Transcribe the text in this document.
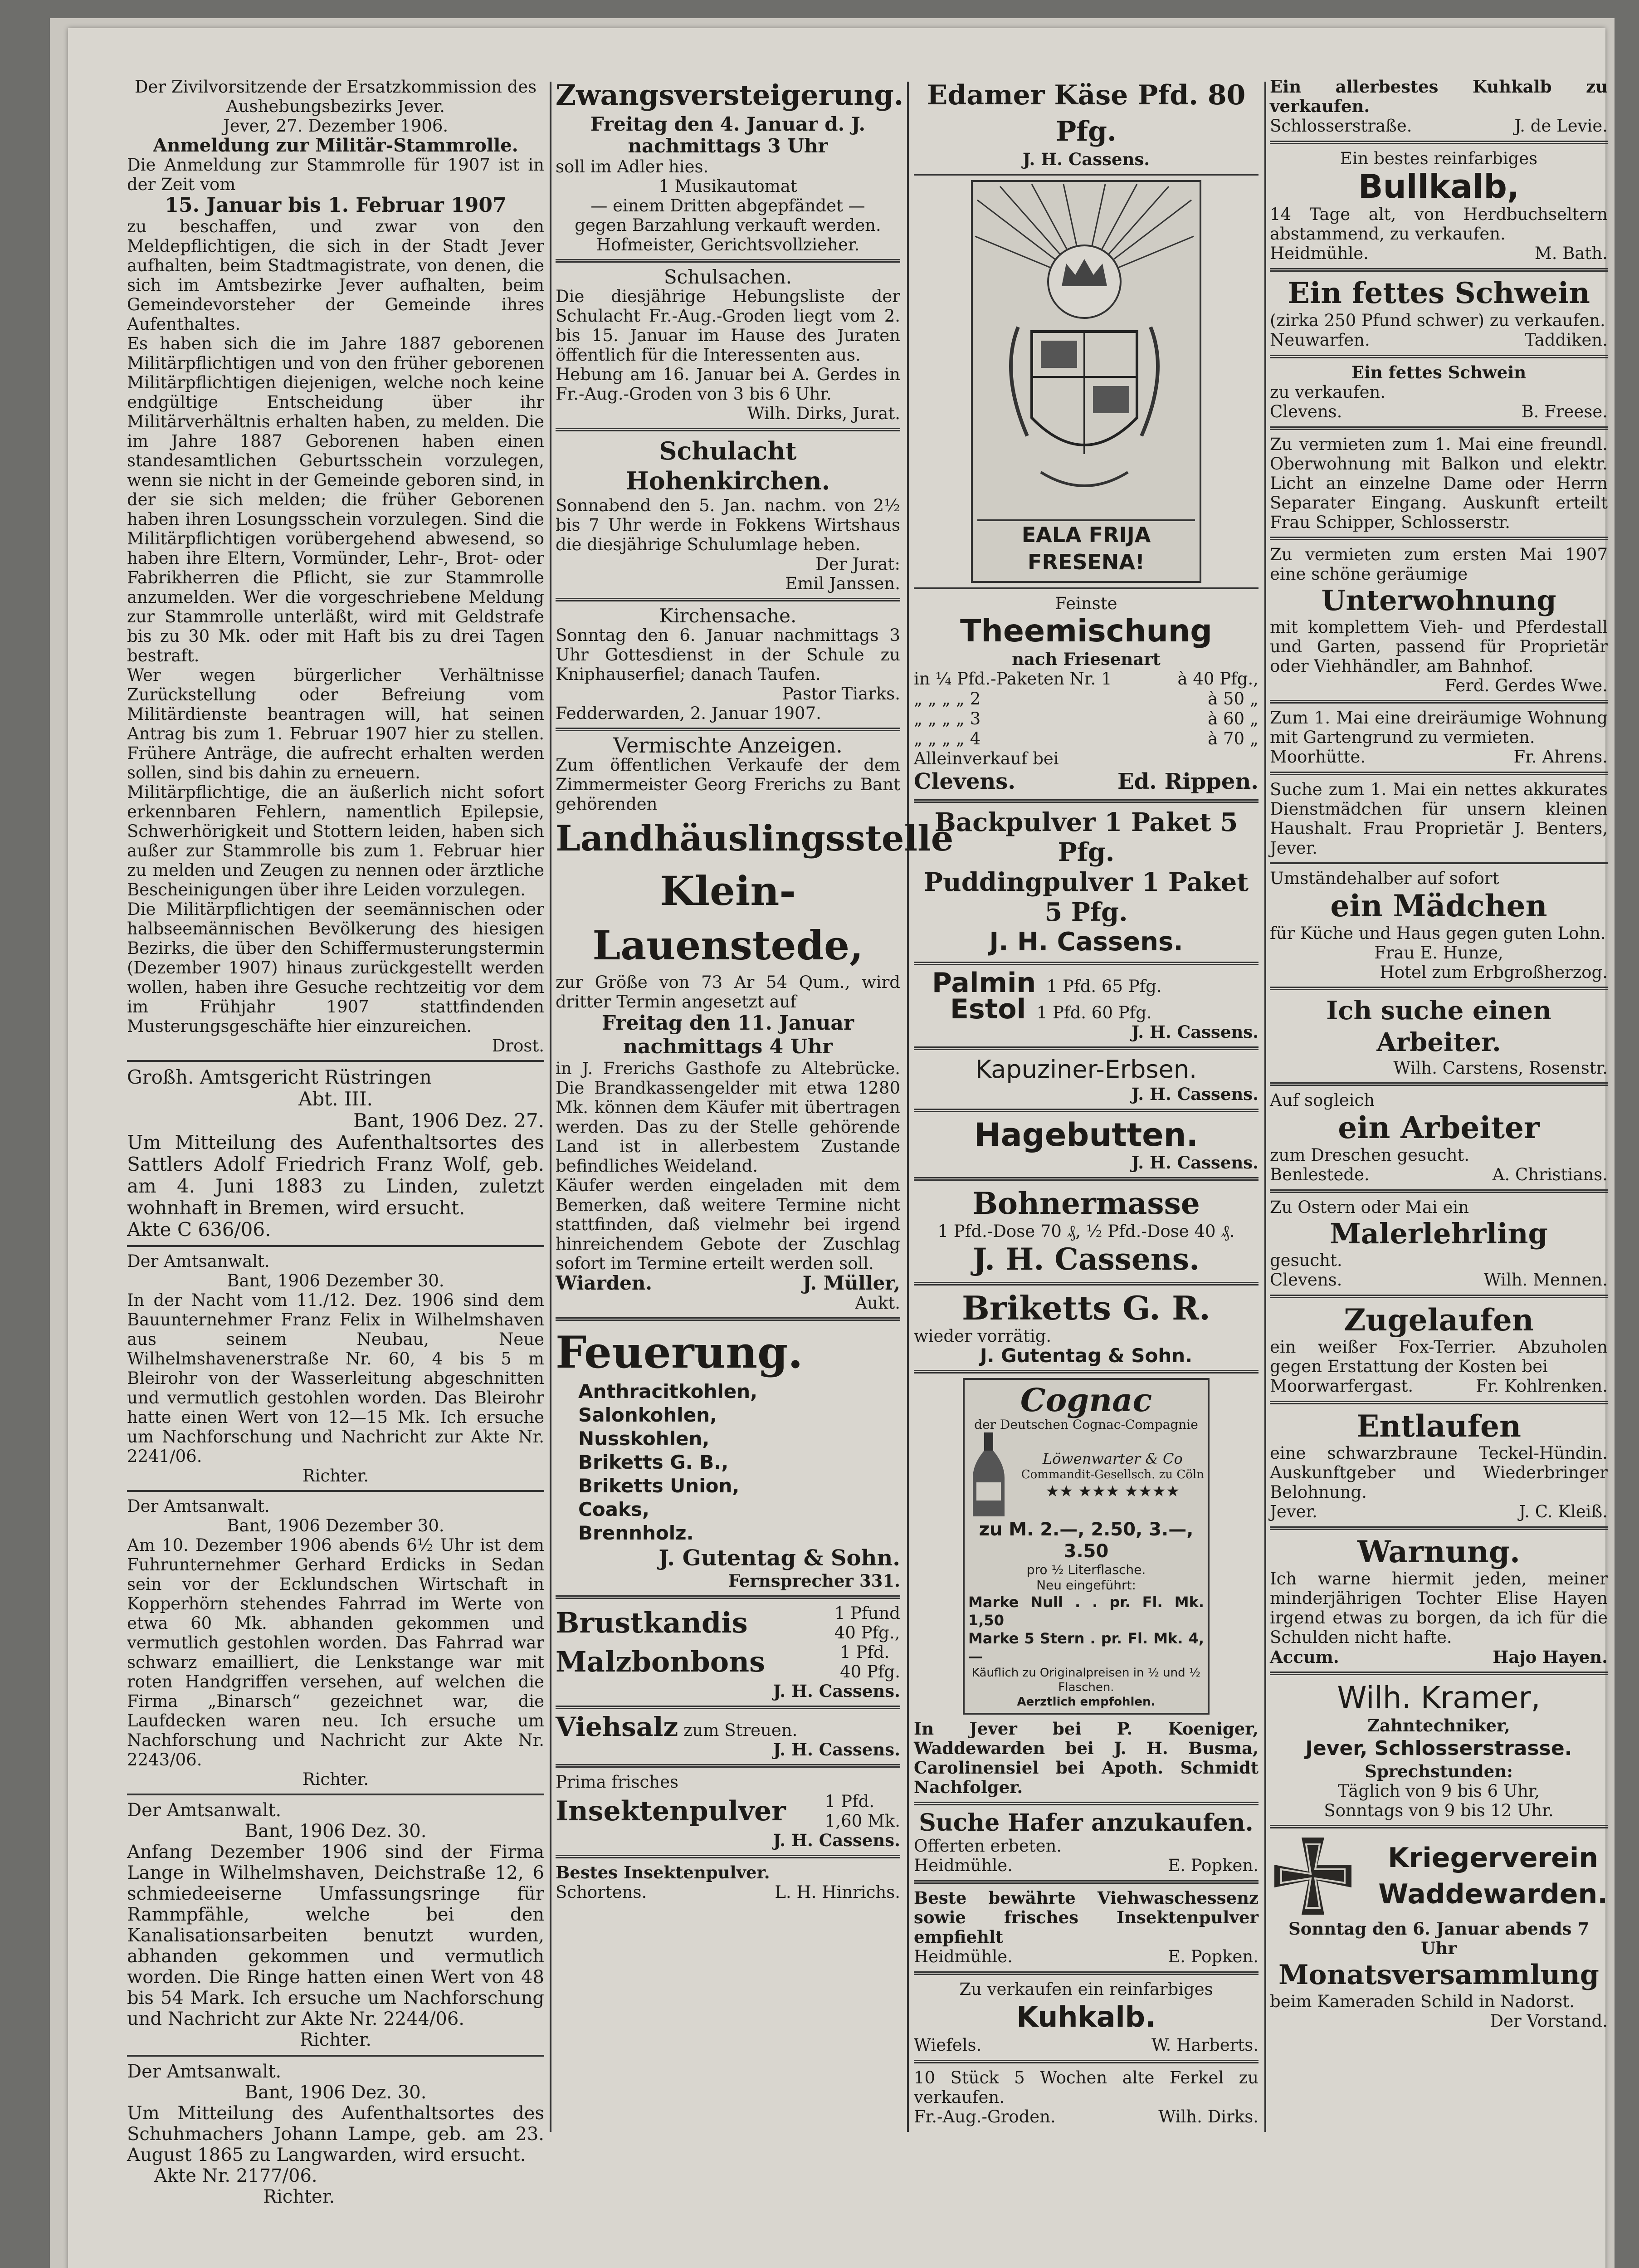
Der Zivilvorsitzende der Ersatzkommission des Aushebungsbezirks Jever.

Jever, 27. Dezember 1906.

Anmeldung zur Militär-Stammrolle.

Die Anmeldung zur Stammrolle für 1907 ist in der Zeit vom

15. Januar bis 1. Februar 1907

zu beschaffen, und zwar von den Meldepflichtigen, die sich in der Stadt Jever aufhalten, beim Stadtmagistrate, von denen, die sich im Amtsbezirke Jever aufhalten, beim Gemeindevorsteher der Gemeinde ihres Aufenthaltes.

Es haben sich die im Jahre 1887 geborenen Militärpflichtigen und von den früher geborenen Militärpflichtigen diejenigen, welche noch keine endgültige Entscheidung über ihr Militärverhältnis erhalten haben, zu melden. Die im Jahre 1887 Geborenen haben einen standesamtlichen Geburtsschein vorzulegen, wenn sie nicht in der Gemeinde geboren sind, in der sie sich melden; die früher Geborenen haben ihren Losungsschein vorzulegen. Sind die Militärpflichtigen vorübergehend abwesend, so haben ihre Eltern, Vormünder, Lehr-, Brot- oder Fabrikherren die Pflicht, sie zur Stammrolle anzumelden. Wer die vorgeschriebene Meldung zur Stammrolle unterläßt, wird mit Geldstrafe bis zu 30 Mk. oder mit Haft bis zu drei Tagen bestraft.

Wer wegen bürgerlicher Verhältnisse Zurückstellung oder Befreiung vom Militärdienste beantragen will, hat seinen Antrag bis zum 1. Februar 1907 hier zu stellen. Frühere Anträge, die aufrecht erhalten werden sollen, sind bis dahin zu erneuern.

Militärpflichtige, die an äußerlich nicht sofort erkennbaren Fehlern, namentlich Epilepsie, Schwerhörigkeit und Stottern leiden, haben sich außer zur Stammrolle bis zum 1. Februar hier zu melden und Zeugen zu nennen oder ärztliche Bescheinigungen über ihre Leiden vorzulegen.

Die Militärpflichtigen der seemännischen oder halbseemännischen Bevölkerung des hiesigen Bezirks, die über den Schiffermusterungstermin (Dezember 1907) hinaus zurückgestellt werden wollen, haben ihre Gesuche rechtzeitig vor dem im Frühjahr 1907 stattfindenden Musterungsgeschäfte hier einzureichen.

Drost.

Großh. Amtsgericht Rüstringen

Abt. III.

Bant, 1906 Dez. 27.

Um Mitteilung des Aufenthaltsortes des Sattlers Adolf Friedrich Franz Wolf, geb. am 4. Juni 1883 zu Linden, zuletzt wohnhaft in Bremen, wird ersucht.

Akte C 636/06.

Der Amtsanwalt.

Bant, 1906 Dezember 30.

In der Nacht vom 11./12. Dez. 1906 sind dem Bauunternehmer Franz Felix in Wilhelmshaven aus seinem Neubau, Neue Wilhelmshavenerstraße Nr. 60, 4 bis 5 m Bleirohr von der Wasserleitung abgeschnitten und vermutlich gestohlen worden. Das Bleirohr hatte einen Wert von 12—15 Mk. Ich ersuche um Nachforschung und Nachricht zur Akte Nr. 2241/06.

Richter.

Der Amtsanwalt.

Bant, 1906 Dezember 30.

Am 10. Dezember 1906 abends 6½ Uhr ist dem Fuhrunternehmer Gerhard Erdicks in Sedan sein vor der Ecklundschen Wirtschaft in Kopperhörn stehendes Fahrrad im Werte von etwa 60 Mk. abhanden gekommen und vermutlich gestohlen worden. Das Fahrrad war schwarz emailliert, die Lenkstange war mit roten Handgriffen versehen, auf welchen die Firma „Binarsch“ gezeichnet war, die Laufdecken waren neu. Ich ersuche um Nachforschung und Nachricht zur Akte Nr. 2243/06.

Richter.

Der Amtsanwalt.

Bant, 1906 Dez. 30.

Anfang Dezember 1906 sind der Firma Lange in Wilhelmshaven, Deichstraße 12, 6 schmiedeeiserne Umfassungsringe für Rammpfähle, welche bei den Kanalisationsarbeiten benutzt wurden, abhanden gekommen und vermutlich worden. Die Ringe hatten einen Wert von 48 bis 54 Mark. Ich ersuche um Nachforschung und Nachricht zur Akte Nr. 2244/06.

Richter.

Der Amtsanwalt.

Bant, 1906 Dez. 30.

Um Mitteilung des Aufenthaltsortes des Schuhmachers Johann Lampe, geb. am 23. August 1865 zu Langwarden, wird ersucht.

Akte Nr. 2177/06.

Richter.

Zwangsversteigerung.

Freitag den 4. Januar d. J. nachmittags 3 Uhr

soll im Adler hies.

1 Musikautomat

— einem Dritten abgepfändet —

gegen Barzahlung verkauft werden.

Hofmeister, Gerichtsvollzieher.

Schulsachen.

Die diesjährige Hebungsliste der Schulacht Fr.-Aug.-Groden liegt vom 2. bis 15. Januar im Hause des Juraten öffentlich für die Interessenten aus.

Hebung am 16. Januar bei A. Gerdes in Fr.-Aug.-Groden von 3 bis 6 Uhr.

Wilh. Dirks, Jurat.

Schulacht Hohenkirchen.

Sonnabend den 5. Jan. nachm. von 2½ bis 7 Uhr werde in Fokkens Wirtshaus die diesjährige Schulumlage heben.

Der Jurat:

Emil Janssen.

Kirchensache.

Sonntag den 6. Januar nachmittags 3 Uhr Gottesdienst in der Schule zu Kniphauserfiel; danach Taufen.

Pastor Tiarks.

Fedderwarden, 2. Januar 1907.

Vermischte Anzeigen.

Zum öffentlichen Verkaufe der dem Zimmermeister Georg Frerichs zu Bant gehörenden

Landhäuslingsstelle

Klein-Lauenstede,

zur Größe von 73 Ar 54 Qum., wird dritter Termin angesetzt auf

Freitag den 11. Januar nachmittags 4 Uhr

in J. Frerichs Gasthofe zu Altebrücke. Die Brandkassengelder mit etwa 1280 Mk. können dem Käufer mit übertragen werden. Das zu der Stelle gehörende Land ist in allerbestem Zustande befindliches Weideland.

Käufer werden eingeladen mit dem Bemerken, daß weitere Termine nicht stattfinden, daß vielmehr bei irgend hinreichendem Gebote der Zuschlag sofort im Termine erteilt werden soll.

Wiarden.	J. Müller,

Aukt.

Feuerung.

Anthracitkohlen,

Salonkohlen,

Nusskohlen,

Briketts G. B.,

Briketts Union,

Coaks,

Brennholz.

J. Gutentag & Sohn.

Fernsprecher 331.

Brustkandis	1 Pfund
40 Pfg.,
Malzbonbons	1 Pfd.
40 Pfg.

J. H. Cassens.

Viehsalz zum Streuen.

J. H. Cassens.

Prima frisches

Insektenpulver 1 Pfd.
1,60 Mk.

J. H. Cassens.

Bestes Insektenpulver.

Schortens.	L. H. Hinrichs.

Edamer Käse Pfd. 80 Pfg.

J. H. Cassens.

EALA FRIJA FRESENA!

Feinste

Theemischung

nach Friesenart

in ¼ Pfd.-Paketen Nr. 1	à 40 Pfg.,
„ „ „ „ 2	à 50 „
„ „ „ „ 3	à 60 „
„ „ „ „ 4	à 70 „

Alleinverkauf bei

Clevens.	Ed. Rippen.

Backpulver 1 Paket 5 Pfg.

Puddingpulver 1 Paket 5 Pfg.

J. H. Cassens.

Palmin 1 Pfd. 65 Pfg.

Estol 1 Pfd. 60 Pfg.

J. H. Cassens.

Kapuziner-Erbsen.

J. H. Cassens.

Hagebutten.

J. H. Cassens.

Bohnermasse

1 Pfd.-Dose 70 ₰, ½ Pfd.-Dose 40 ₰.

J. H. Cassens.

Briketts G. R.

wieder vorrätig.

J. Gutentag & Sohn.

Cognac

der Deutschen Cognac-Compagnie

Löwenwarter & Co

Commandit-Gesellsch. zu Cöln

★★ ★★★ ★★★★

zu M. 2.—, 2.50, 3.—, 3.50

pro ½ Literflasche.

Neu eingeführt:

Marke Null . . pr. Fl. Mk. 1,50

Marke 5 Stern . pr. Fl. Mk. 4,—

Käuflich zu Originalpreisen in ½ und ½ Flaschen.

Aerztlich empfohlen.

In Jever bei P. Koeniger, Waddewarden bei J. H. Busma, Carolinensiel bei Apoth. Schmidt Nachfolger.

Suche Hafer anzukaufen.

Offerten erbeten.

Heidmühle.	E. Popken.

Beste bewährte Viehwaschessenz sowie frisches Insektenpulver empfiehlt

Heidmühle.	E. Popken.

Zu verkaufen ein reinfarbiges

Kuhkalb.

Wiefels.	W. Harberts.

10 Stück 5 Wochen alte Ferkel zu verkaufen.

Fr.-Aug.-Groden.	Wilh. Dirks.

Ein allerbestes Kuhkalb zu verkaufen.

Schlosserstraße.	J. de Levie.

Ein bestes reinfarbiges

Bullkalb,

14 Tage alt, von Herdbuchseltern abstammend, zu verkaufen.

Heidmühle.	M. Bath.

Ein fettes Schwein

(zirka 250 Pfund schwer) zu verkaufen.

Neuwarfen.	Taddiken.

Ein fettes Schwein

zu verkaufen.

Clevens.	B. Freese.

Zu vermieten zum 1. Mai eine freundl. Oberwohnung mit Balkon und elektr. Licht an einzelne Dame oder Herrn Separater Eingang. Auskunft erteilt Frau Schipper, Schlosserstr.

Zu vermieten zum ersten Mai 1907 eine schöne geräumige

Unterwohnung

mit komplettem Vieh- und Pferdestall und Garten, passend für Proprietär oder Viehhändler, am Bahnhof.

Ferd. Gerdes Wwe.

Zum 1. Mai eine dreiräumige Wohnung mit Gartengrund zu vermieten.

Moorhütte.	Fr. Ahrens.

Suche zum 1. Mai ein nettes akkurates Dienstmädchen für unsern kleinen Haushalt. Frau Proprietär J. Benters, Jever.

Umständehalber auf sofort

ein Mädchen

für Küche und Haus gegen guten Lohn.

Frau E. Hunze,

Hotel zum Erbgroßherzog.

Ich suche einen Arbeiter.

Wilh. Carstens, Rosenstr.

Auf sogleich

ein Arbeiter

zum Dreschen gesucht.

Benlestede.	A. Christians.

Zu Ostern oder Mai ein

Malerlehrling

gesucht.

Clevens.	Wilh. Mennen.

Zugelaufen

ein weißer Fox-Terrier. Abzuholen gegen Erstattung der Kosten bei

Moorwarfergast.	Fr. Kohlrenken.

Entlaufen

eine schwarzbraune Teckel-Hündin. Auskunftgeber und Wiederbringer Belohnung.

Jever.	J. C. Kleiß.

Warnung.

Ich warne hiermit jeden, meiner minderjährigen Tochter Elise Hayen irgend etwas zu borgen, da ich für die Schulden nicht hafte.

Accum.	Hajo Hayen.

Wilh. Kramer,

Zahntechniker,

Jever, Schlosserstrasse.

Sprechstunden:

Täglich von 9 bis 6 Uhr,

Sonntags von 9 bis 12 Uhr.

Kriegerverein

Waddewarden.

Sonntag den 6. Januar abends 7 Uhr

Monatsversammlung

beim Kameraden Schild in Nadorst.

Der Vorstand.
